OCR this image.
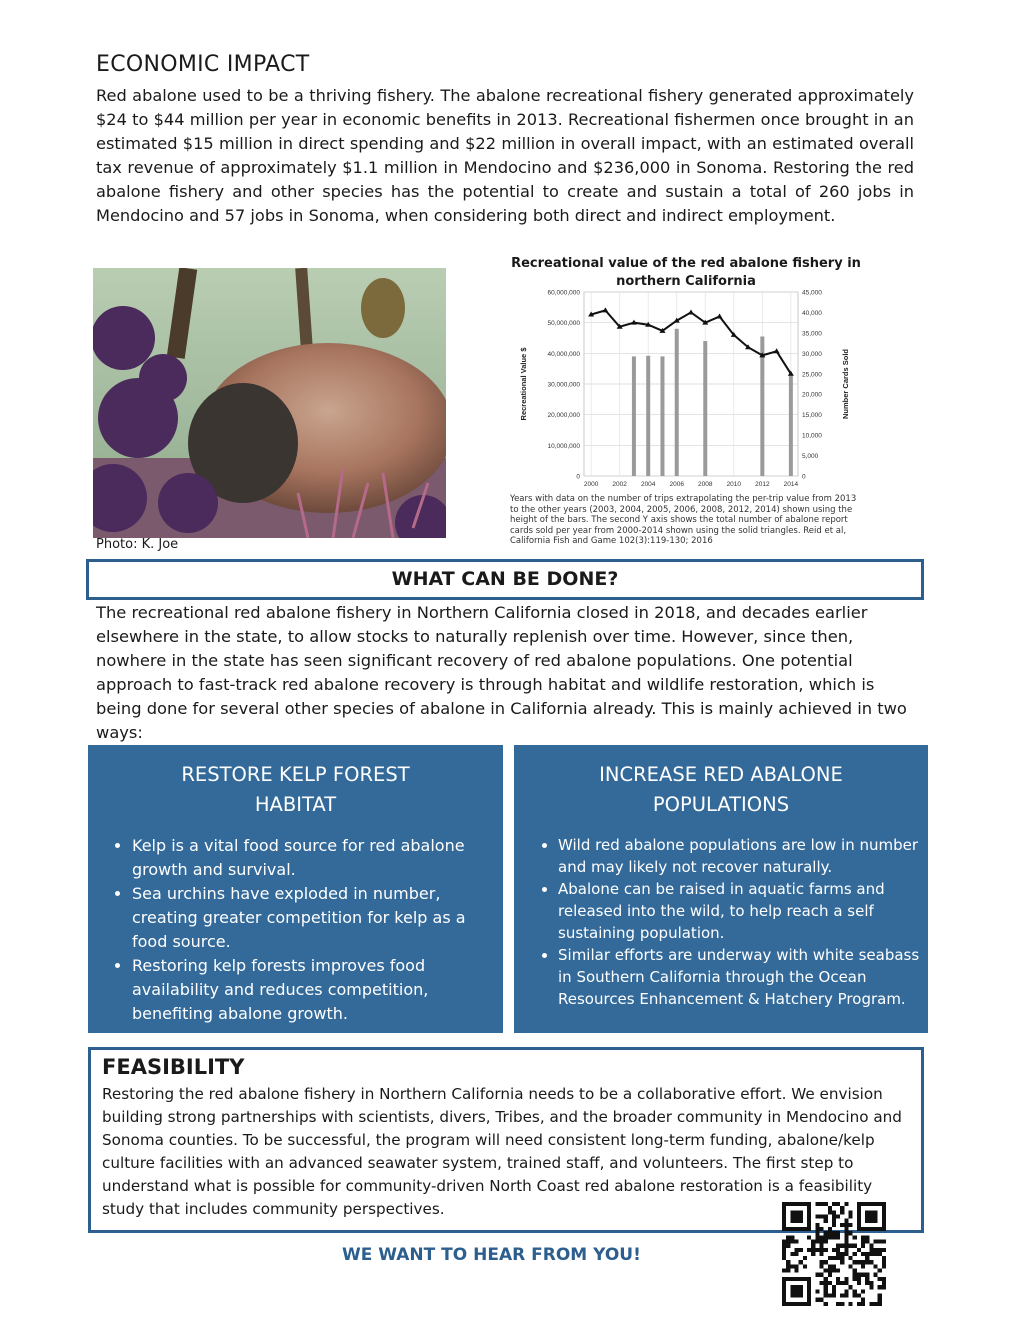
ECONOMIC IMPACT
Red abalone used to be a thriving fishery. The abalone recreational fishery generated approximately $24 to $44 million per year in economic benefits in 2013. Recreational fishermen once brought in an estimated $15 million in direct spending and $22 million in overall impact, with an estimated overall tax revenue of approximately $1.1 million in Mendocino and $236,000 in Sonoma. Restoring the red abalone fishery and other species has the potential to create and sustain a total of 260 jobs in Mendocino and 57 jobs in Sonoma, when considering both direct and indirect employment.
Photo: K. Joe
Recreational value of the red abalone fishery in northern California
60,000,000
50,000,000
40,000,000
30,000,000
20,000,000
10,000,000
0
45,000
40,000
35,000
30,000
25,000
20,000
15,000
10,000
5,000
0
2000 2002 2004 2006 2008 2010 2012 2014
Recreational Value $	Number Cards Sold
Years with data on the number of trips extrapolating the per-trip value from 2013 to the other years (2003, 2004, 2005, 2006, 2008, 2012, 2014) shown using the height of the bars. The second Y axis shows the total number of abalone report cards sold per year from 2000-2014 shown using the solid triangles. Reid et al, California Fish and Game 102(3):119-130; 2016
WHAT CAN BE DONE?
The recreational red abalone fishery in Northern California closed in 2018, and decades earlier elsewhere in the state, to allow stocks to naturally replenish over time. However, since then, nowhere in the state has seen significant recovery of red abalone populations. One potential approach to fast-track red abalone recovery is through habitat and wildlife restoration, which is being done for several other species of abalone in California already. This is mainly achieved in two ways:
RESTORE KELP FOREST
HABITAT
• Kelp is a vital food source for red abalone growth and survival.
• Sea urchins have exploded in number, creating greater competition for kelp as a food source.
• Restoring kelp forests improves food availability and reduces competition, benefiting abalone growth.
INCREASE RED ABALONE
POPULATIONS
• Wild red abalone populations are low in number and may likely not recover naturally.
• Abalone can be raised in aquatic farms and released into the wild, to help reach a self sustaining population.
• Similar efforts are underway with white seabass in Southern California through the Ocean Resources Enhancement & Hatchery Program.
FEASIBILITY
Restoring the red abalone fishery in Northern California needs to be a collaborative effort. We envision building strong partnerships with scientists, divers, Tribes, and the broader community in Mendocino and Sonoma counties. To be successful, the program will need consistent long-term funding, abalone/kelp culture facilities with an advanced seawater system, trained staff, and volunteers. The first step to understand what is possible for community-driven North Coast red abalone restoration is a feasibility study that includes community perspectives.
WE WANT TO HEAR FROM YOU!
